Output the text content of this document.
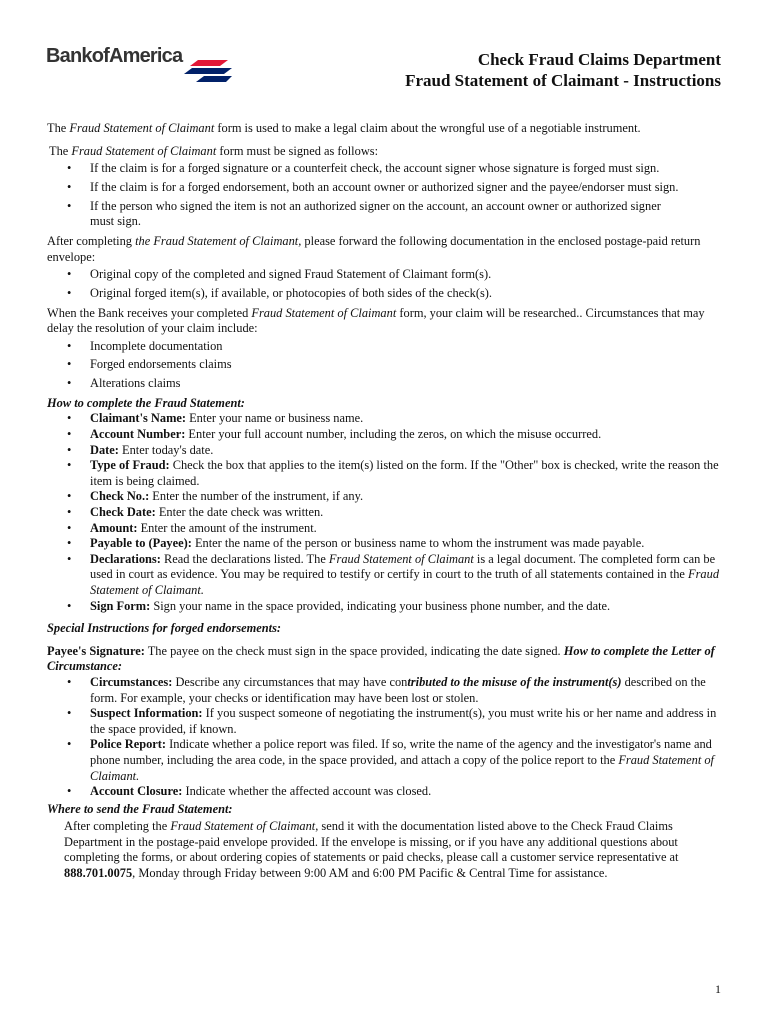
BankofAmerica	Check Fraud Claims Department
Fraud Statement of Claimant - Instructions

The Fraud Statement of Claimant form is used to make a legal claim about the wrongful use of a negotiable instrument.

The Fraud Statement of Claimant form must be signed as follows:

• If the claim is for a forged signature or a counterfeit check, the account signer whose signature is forged must sign.
• If the claim is for a forged endorsement, both an account owner or authorized signer and the payee/endorser must sign.
• If the person who signed the item is not an authorized signer on the account, an account owner or authorized signer must sign.

After completing the Fraud Statement of Claimant, please forward the following documentation in the enclosed postage-paid return envelope:

• Original copy of the completed and signed Fraud Statement of Claimant form(s).
• Original forged item(s), if available, or photocopies of both sides of the check(s).

When the Bank receives your completed Fraud Statement of Claimant form, your claim will be researched.. Circumstances that may delay the resolution of your claim include:

• Incomplete documentation
• Forged endorsements claims
• Alterations claims

How to complete the Fraud Statement:

• Claimant's Name: Enter your name or business name.
• Account Number: Enter your full account number, including the zeros, on which the misuse occurred.
• Date: Enter today's date.
• Type of Fraud: Check the box that applies to the item(s) listed on the form. If the "Other" box is checked, write the reason the item is being claimed.
• Check No.: Enter the number of the instrument, if any.
• Check Date: Enter the date check was written.
• Amount: Enter the amount of the instrument.
• Payable to (Payee): Enter the name of the person or business name to whom the instrument was made payable.
• Declarations: Read the declarations listed. The Fraud Statement of Claimant is a legal document. The completed form can be used in court as evidence. You may be required to testify or certify in court to the truth of all statements contained in the Fraud Statement of Claimant.
• Sign Form: Sign your name in the space provided, indicating your business phone number, and the date.

Special Instructions for forged endorsements:

Payee's Signature: The payee on the check must sign in the space provided, indicating the date signed. How to complete the Letter of Circumstance:

• Circumstances: Describe any circumstances that may have contributed to the misuse of the instrument(s) described on the form. For example, your checks or identification may have been lost or stolen.
• Suspect Information: If you suspect someone of negotiating the instrument(s), you must write his or her name and address in the space provided, if known.
• Police Report: Indicate whether a police report was filed. If so, write the name of the agency and the investigator's name and phone number, including the area code, in the space provided, and attach a copy of the police report to the Fraud Statement of Claimant.
• Account Closure: Indicate whether the affected account was closed.

Where to send the Fraud Statement:

After completing the Fraud Statement of Claimant, send it with the documentation listed above to the Check Fraud Claims Department in the postage-paid envelope provided. If the envelope is missing, or if you have any additional questions about completing the forms, or about ordering copies of statements or paid checks, please call a customer service representative at 888.701.0075, Monday through Friday between 9:00 AM and 6:00 PM Pacific & Central Time for assistance.

1
